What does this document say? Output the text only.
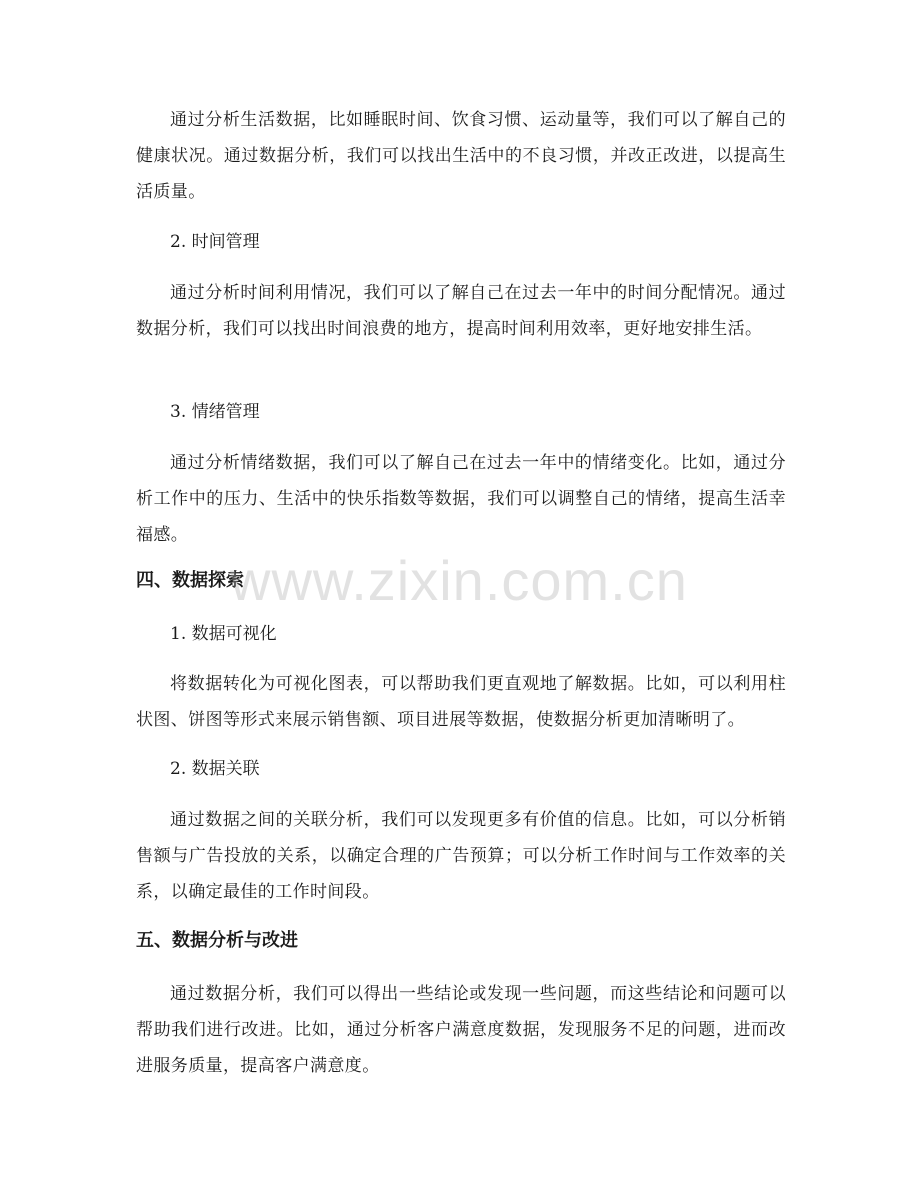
通过分析生活数据，比如睡眠时间、饮食习惯、运动量等，我们可以了解自己的健康状况。通过数据分析，我们可以找出生活中的不良习惯，并改正改进，以提高生活质量。

2. 时间管理

通过分析时间利用情况，我们可以了解自己在过去一年中的时间分配情况。通过数据分析，我们可以找出时间浪费的地方，提高时间利用效率，更好地安排生活。

3. 情绪管理

通过分析情绪数据，我们可以了解自己在过去一年中的情绪变化。比如，通过分析工作中的压力、生活中的快乐指数等数据，我们可以调整自己的情绪，提高生活幸福感。

四、数据探索

1. 数据可视化

将数据转化为可视化图表，可以帮助我们更直观地了解数据。比如，可以利用柱状图、饼图等形式来展示销售额、项目进展等数据，使数据分析更加清晰明了。

2. 数据关联

通过数据之间的关联分析，我们可以发现更多有价值的信息。比如，可以分析销售额与广告投放的关系，以确定合理的广告预算；可以分析工作时间与工作效率的关系，以确定最佳的工作时间段。

五、数据分析与改进

通过数据分析，我们可以得出一些结论或发现一些问题，而这些结论和问题可以帮助我们进行改进。比如，通过分析客户满意度数据，发现服务不足的问题，进而改进服务质量，提高客户满意度。

www.zixin.com.cn
